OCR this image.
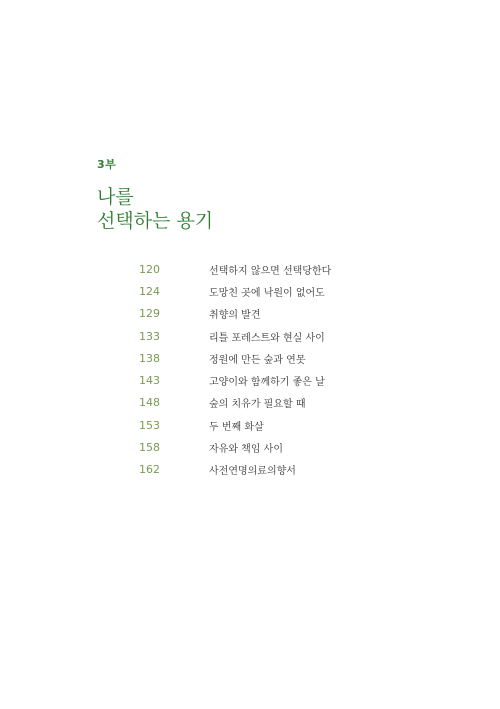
3부
나를
선택하는 용기
120	선택하지 않으면 선택당한다
124	도망친 곳에 낙원이 없어도
129	취향의 발견
133	리틀 포레스트와 현실 사이
138	정원에 만든 숲과 연못
143	고양이와 함께하기 좋은 날
148	숲의 치유가 필요할 때
153	두 번째 화살
158	자유와 책임 사이
162	사전연명의료의향서
